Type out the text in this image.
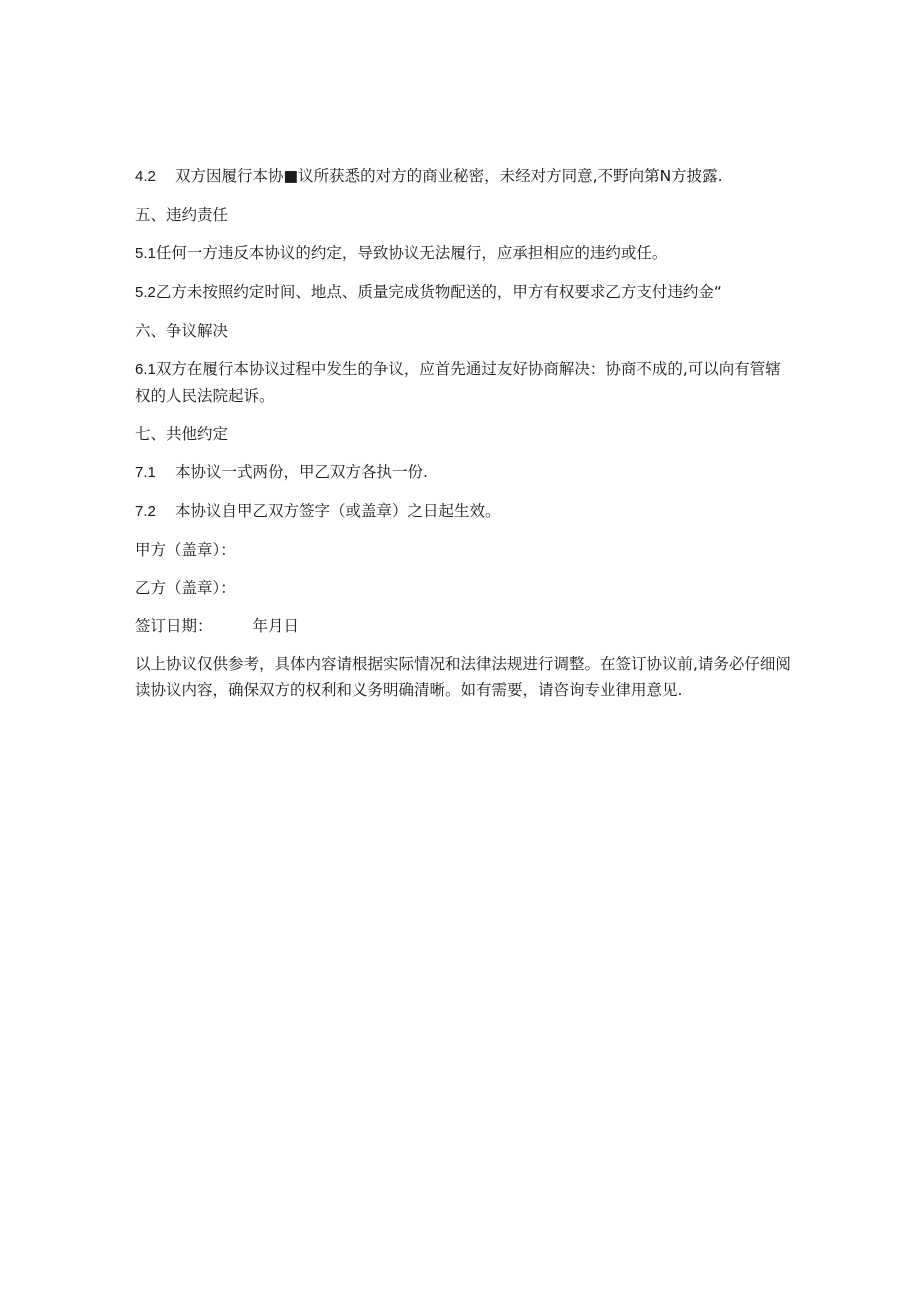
4.2 双方因履行本协■议所获悉的对方的商业秘密，未经对方同意,不野向第N方披露.

五、违约责任

5.1任何一方违反本协议的约定，导致协议无法履行，应承担相应的违约或任。

5.2乙方未按照约定时间、地点、质量完成货物配送的，甲方有权要求乙方支付违约金“

六、争议解决

6.1双方在履行本协议过程中发生的争议，应首先通过友好协商解决：协商不成的,可以向有管辖权的人民法院起诉。

七、共他约定

7.1 本协议一式两份，甲乙双方各执一份.

7.2 本协议自甲乙双方签字（或盖章）之日起生效。

甲方（盖章）：

乙方（盖章）：

签订日期：	年月日

以上协议仅供参考，具体内容请根据实际情况和法律法规进行调整。在签订协议前,请务必仔细阅读协议内容，确保双方的权利和义务明确清晰。如有需要，请咨询专业律用意见.
